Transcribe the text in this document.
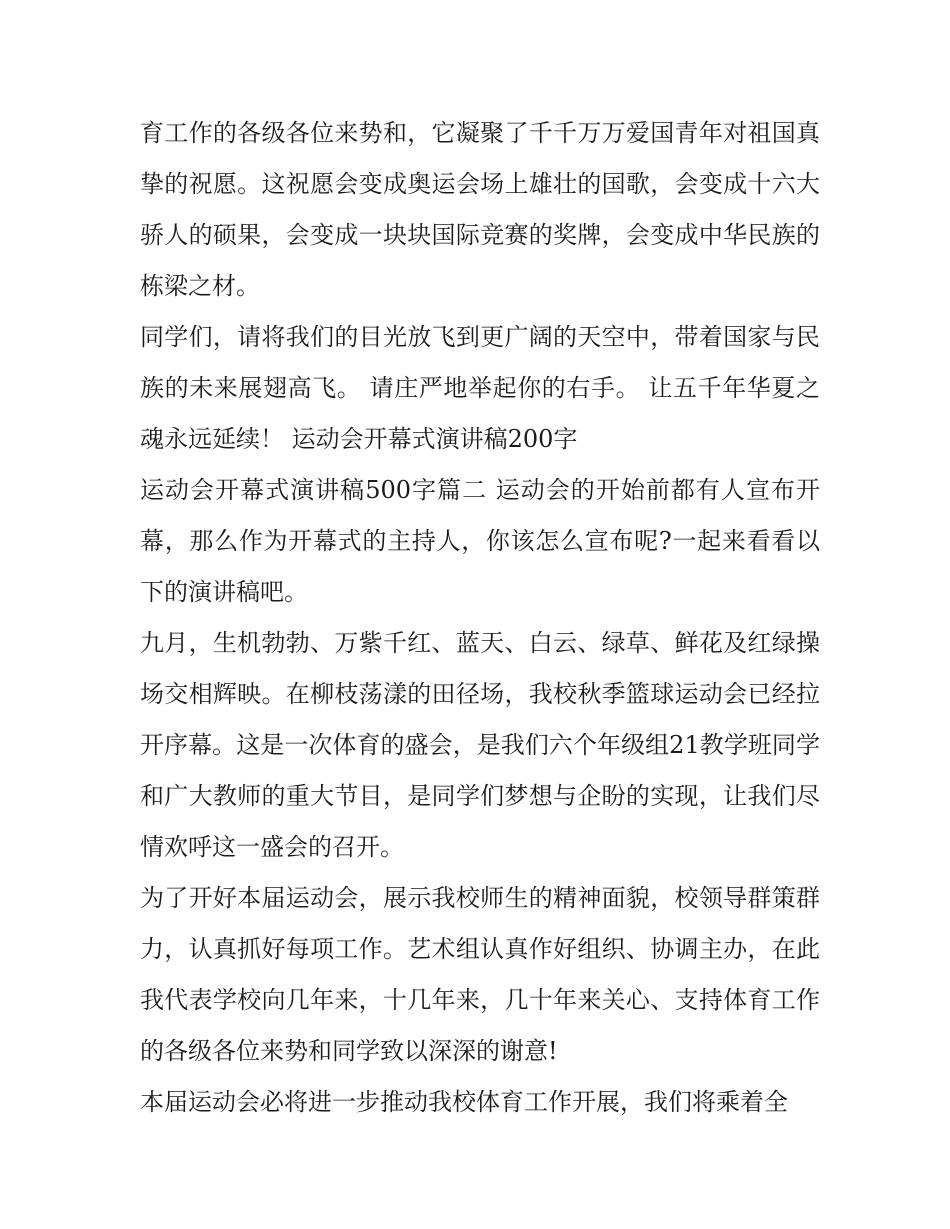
育工作的各级各位来势和，它凝聚了千千万万爱国青年对祖国真挚的祝愿。这祝愿会变成奥运会场上雄壮的国歌，会变成十六大骄人的硕果，会变成一块块国际竞赛的奖牌，会变成中华民族的栋梁之材。

同学们，请将我们的目光放飞到更广阔的天空中，带着国家与民族的未来展翅高飞。 请庄严地举起你的右手。 让五千年华夏之魂永远延续！ 运动会开幕式演讲稿200字

运动会开幕式演讲稿500字篇二 运动会的开始前都有人宣布开幕，那么作为开幕式的主持人，你该怎么宣布呢?一起来看看以下的演讲稿吧。

九月，生机勃勃、万紫千红、蓝天、白云、绿草、鲜花及红绿操场交相辉映。在柳枝荡漾的田径场，我校秋季篮球运动会已经拉开序幕。这是一次体育的盛会，是我们六个年级组21教学班同学和广大教师的重大节目，是同学们梦想与企盼的实现，让我们尽情欢呼这一盛会的召开。

为了开好本届运动会，展示我校师生的精神面貌，校领导群策群力，认真抓好每项工作。艺术组认真作好组织、协调主办，在此我代表学校向几年来，十几年来，几十年来关心、支持体育工作的各级各位来势和同学致以深深的谢意!

本届运动会必将进一步推动我校体育工作开展，我们将乘着全
